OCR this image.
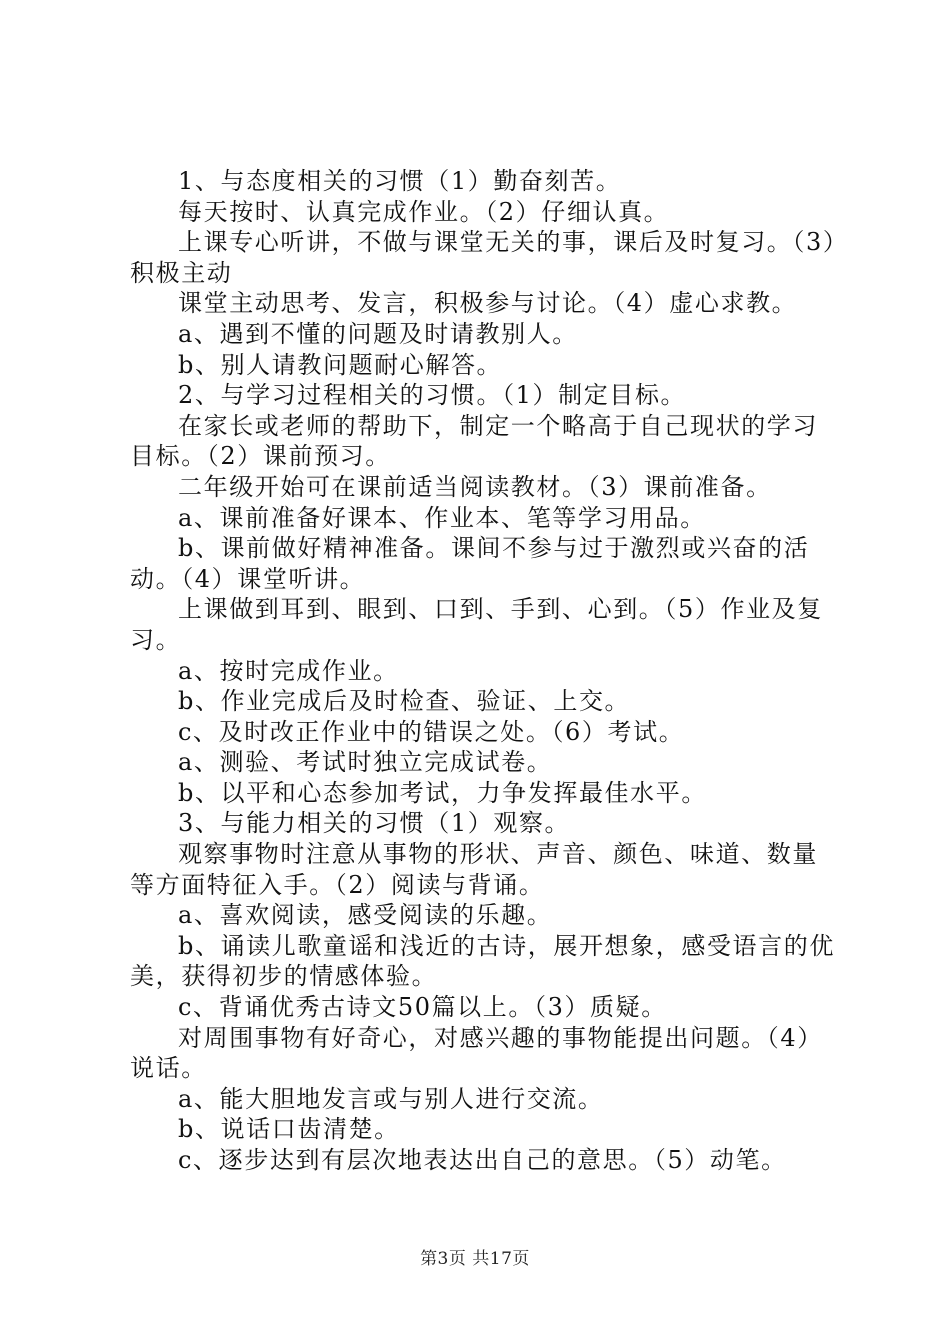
1、与态度相关的习惯（1）勤奋刻苦。

每天按时、认真完成作业。（2）仔细认真。

上课专心听讲，不做与课堂无关的事，课后及时复习。（3）积极主动

课堂主动思考、发言，积极参与讨论。（4）虚心求教。

a、遇到不懂的问题及时请教别人。

b、别人请教问题耐心解答。

2、与学习过程相关的习惯。（1）制定目标。

在家长或老师的帮助下，制定一个略高于自己现状的学习目标。（2）课前预习。

二年级开始可在课前适当阅读教材。（3）课前准备。

a、课前准备好课本、作业本、笔等学习用品。

b、课前做好精神准备。课间不参与过于激烈或兴奋的活动。（4）课堂听讲。

上课做到耳到、眼到、口到、手到、心到。（5）作业及复习。

a、按时完成作业。

b、作业完成后及时检查、验证、上交。

c、及时改正作业中的错误之处。（6）考试。

a、测验、考试时独立完成试卷。

b、以平和心态参加考试，力争发挥最佳水平。

3、与能力相关的习惯（1）观察。

观察事物时注意从事物的形状、声音、颜色、味道、数量等方面特征入手。（2）阅读与背诵。

a、喜欢阅读，感受阅读的乐趣。

b、诵读儿歌童谣和浅近的古诗，展开想象，感受语言的优美，获得初步的情感体验。

c、背诵优秀古诗文50篇以上。（3）质疑。

对周围事物有好奇心，对感兴趣的事物能提出问题。（4）说话。

a、能大胆地发言或与别人进行交流。

b、说话口齿清楚。

c、逐步达到有层次地表达出自己的意思。（5）动笔。

第3页 共17页
